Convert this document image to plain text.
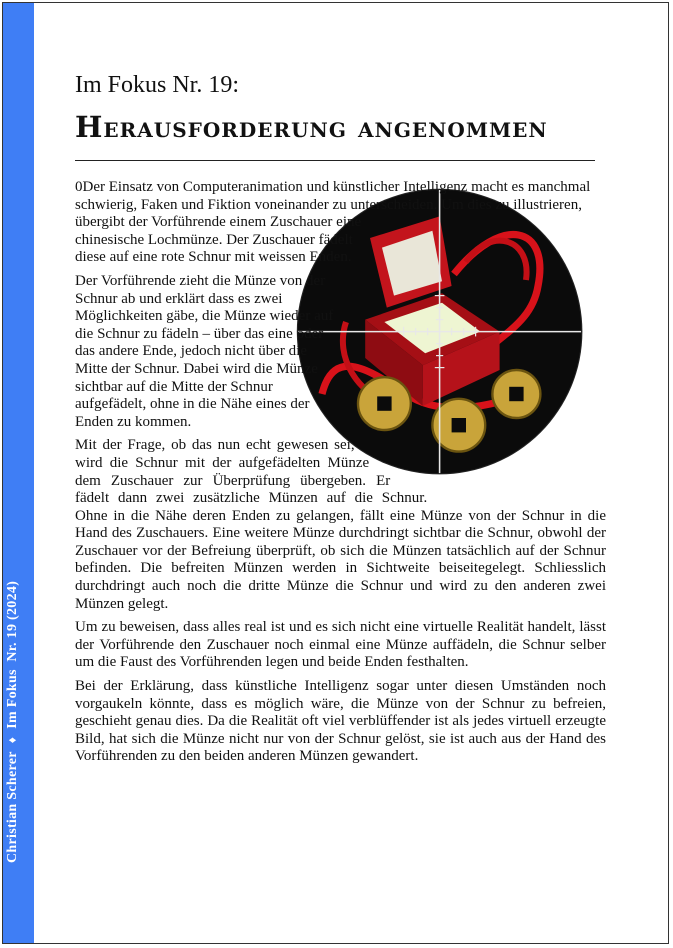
Christian Scherer♦Im Fokus  Nr. 19 (2024)
Im Fokus Nr. 19:
Herausforderung angenommen

0Der Einsatz von Computeranimation und künstlicher Intelligenz macht es manchmal schwierig, Faken und Fiktion voneinander zu unterscheiden. Um dies zu illustrieren, übergibt der Vorführende einem Zuschauer eine chinesische Lochmünze. Der Zuschauer fädelt diese auf eine rote Schnur mit weissen Enden.

Der Vorführende zieht die Münze von der Schnur ab und erklärt dass es zwei Möglichkeiten gäbe, die Münze wieder auf die Schnur zu fädeln – über das eine oder das andere Ende, jedoch nicht über die Mitte der Schnur. Dabei wird die Münze sichtbar auf die Mitte der Schnur aufgefädelt, ohne in die Nähe eines der Enden zu kommen.

Mit der Frage, ob das nun echt gewesen sei, wird die Schnur mit der aufgefädelten Münze dem Zuschauer zur Überprüfung übergeben. Er fädelt dann zwei zusätzliche Münzen auf die Schnur. Ohne in die Nähe deren Enden zu gelangen, fällt eine Münze von der Schnur in die Hand des Zuschauers. Eine weitere Münze durchdringt sichtbar die Schnur, obwohl der Zuschauer vor der Befreiung überprüft, ob sich die Münzen tatsächlich auf der Schnur befinden. Die befreiten Münzen werden in Sichtweite beiseitegelegt. Schliesslich durchdringt auch noch die dritte Münze die Schnur und wird zu den anderen zwei Münzen gelegt.

Um zu beweisen, dass alles real ist und es sich nicht eine virtuelle Realität handelt, lässt der Vorführende den Zuschauer noch einmal eine Münze auffädeln, die Schnur selber um die Faust des Vorführenden legen und beide Enden festhalten.

Bei der Erklärung, dass künstliche Intelligenz sogar unter diesen Umständen noch vorgaukeln könnte, dass es möglich wäre, die Münze von der Schnur zu befreien, geschieht genau dies. Da die Realität oft viel verblüffender ist als jedes virtuell erzeugte Bild, hat sich die Münze nicht nur von der Schnur gelöst, sie ist auch aus der Hand des Vorführenden zu den beiden anderen Münzen gewandert.
